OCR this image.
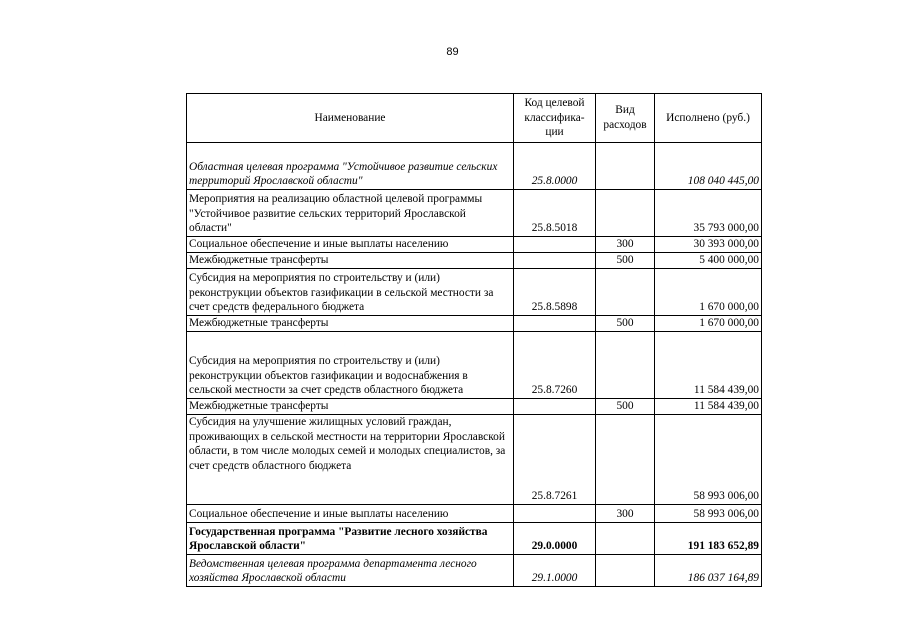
89
Наименование	Код целевой классифика-ции	Вид расходов	Исполнено (руб.)
Областная целевая программа "Устойчивое развитие сельских территорий Ярославской области"	25.8.0000		108 040 445,00
Мероприятия на реализацию областной целевой программы "Устойчивое развитие сельских территорий Ярославской области"	25.8.5018		35 793 000,00
Социальное обеспечение и иные выплаты населению		300	30 393 000,00
Межбюджетные трансферты		500	5 400 000,00
Субсидия на мероприятия по строительству и (или) реконструкции объектов газификации в сельской местности за счет средств федерального бюджета	25.8.5898		1 670 000,00
Межбюджетные трансферты		500	1 670 000,00
Субсидия на мероприятия по строительству и (или) реконструкции объектов газификации и водоснабжения в сельской местности за счет средств областного бюджета	25.8.7260		11 584 439,00
Межбюджетные трансферты		500	11 584 439,00
Субсидия на улучшение жилищных условий граждан, проживающих в сельской местности на территории Ярославской области, в том числе молодых семей и молодых специалистов, за счет средств областного бюджета	25.8.7261		58 993 006,00
Социальное обеспечение и иные выплаты населению		300	58 993 006,00
Государственная программа "Развитие лесного хозяйства Ярославской области"	29.0.0000		191 183 652,89
Ведомственная целевая программа департамента лесного хозяйства Ярославской области	29.1.0000		186 037 164,89
